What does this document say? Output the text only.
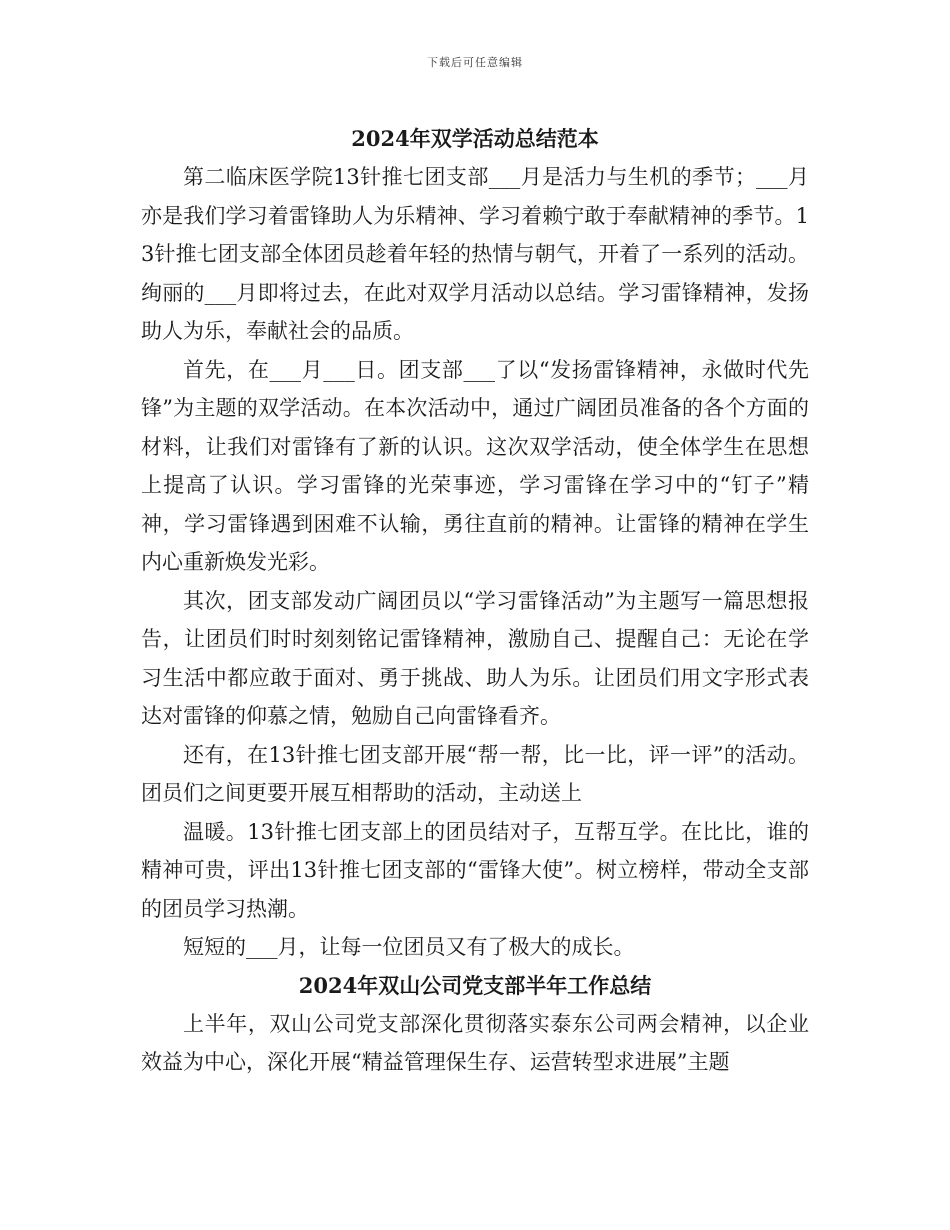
下载后可任意编辑
2024年双学活动总结范本

第二临床医学院13针推七团支部___月是活力与生机的季节；___月亦是我们学习着雷锋助人为乐精神、学习着赖宁敢于奉献精神的季节。13针推七团支部全体团员趁着年轻的热情与朝气，开着了一系列的活动。绚丽的___月即将过去，在此对双学月活动以总结。学习雷锋精神，发扬助人为乐，奉献社会的品质。

首先，在___月___日。团支部___了以“发扬雷锋精神，永做时代先锋”为主题的双学活动。在本次活动中，通过广阔团员准备的各个方面的材料，让我们对雷锋有了新的认识。这次双学活动，使全体学生在思想上提高了认识。学习雷锋的光荣事迹，学习雷锋在学习中的“钉子”精神，学习雷锋遇到困难不认输，勇往直前的精神。让雷锋的精神在学生内心重新焕发光彩。

其次，团支部发动广阔团员以“学习雷锋活动”为主题写一篇思想报告，让团员们时时刻刻铭记雷锋精神，激励自己、提醒自己：无论在学习生活中都应敢于面对、勇于挑战、助人为乐。让团员们用文字形式表达对雷锋的仰慕之情，勉励自己向雷锋看齐。

还有，在13针推七团支部开展“帮一帮，比一比，评一评”的活动。团员们之间更要开展互相帮助的活动，主动送上

温暖。13针推七团支部上的团员结对子，互帮互学。在比比，谁的精神可贵，评出13针推七团支部的“雷锋大使”。树立榜样，带动全支部的团员学习热潮。

短短的___月，让每一位团员又有了极大的成长。

2024年双山公司党支部半年工作总结

上半年，双山公司党支部深化贯彻落实泰东公司两会精神，以企业效益为中心，深化开展“精益管理保生存、运营转型求进展”主题
